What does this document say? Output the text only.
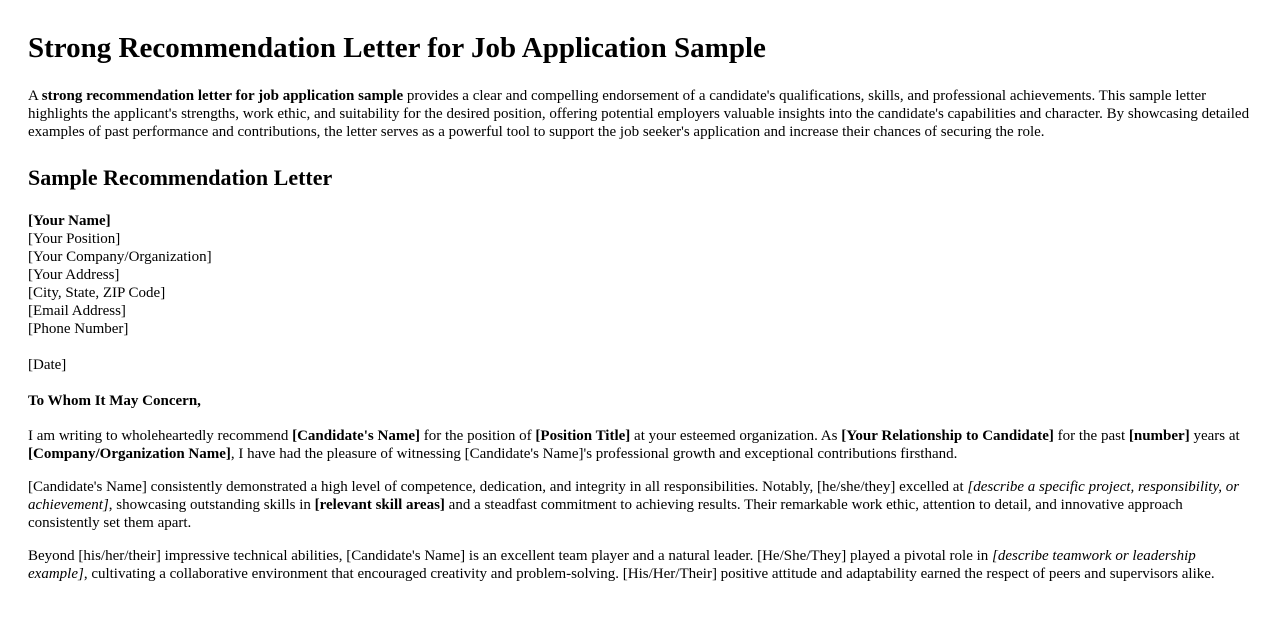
Strong Recommendation Letter for Job Application Sample

A strong recommendation letter for job application sample provides a clear and compelling endorsement of a candidate's qualifications, skills, and professional achievements. This sample letter highlights the applicant's strengths, work ethic, and suitability for the desired position, offering potential employers valuable insights into the candidate's capabilities and character. By showcasing detailed examples of past performance and contributions, the letter serves as a powerful tool to support the job seeker's application and increase their chances of securing the role.

Sample Recommendation Letter
[Your Name]
[Your Position]
[Your Company/Organization]
[Your Address]
[City, State, ZIP Code]
[Email Address]
[Phone Number]
[Date]
To Whom It May Concern,

I am writing to wholeheartedly recommend [Candidate's Name] for the position of [Position Title] at your esteemed organization. As [Your Relationship to Candidate] for the past [number] years at [Company/Organization Name], I have had the pleasure of witnessing [Candidate's Name]'s professional growth and exceptional contributions firsthand.

[Candidate's Name] consistently demonstrated a high level of competence, dedication, and integrity in all responsibilities. Notably, [he/she/they] excelled at [describe a specific project, responsibility, or achievement], showcasing outstanding skills in [relevant skill areas] and a steadfast commitment to achieving results. Their remarkable work ethic, attention to detail, and innovative approach consistently set them apart.

Beyond [his/her/their] impressive technical abilities, [Candidate's Name] is an excellent team player and a natural leader. [He/She/They] played a pivotal role in [describe teamwork or leadership example], cultivating a collaborative environment that encouraged creativity and problem-solving. [His/Her/Their] positive attitude and adaptability earned the respect of peers and supervisors alike.
